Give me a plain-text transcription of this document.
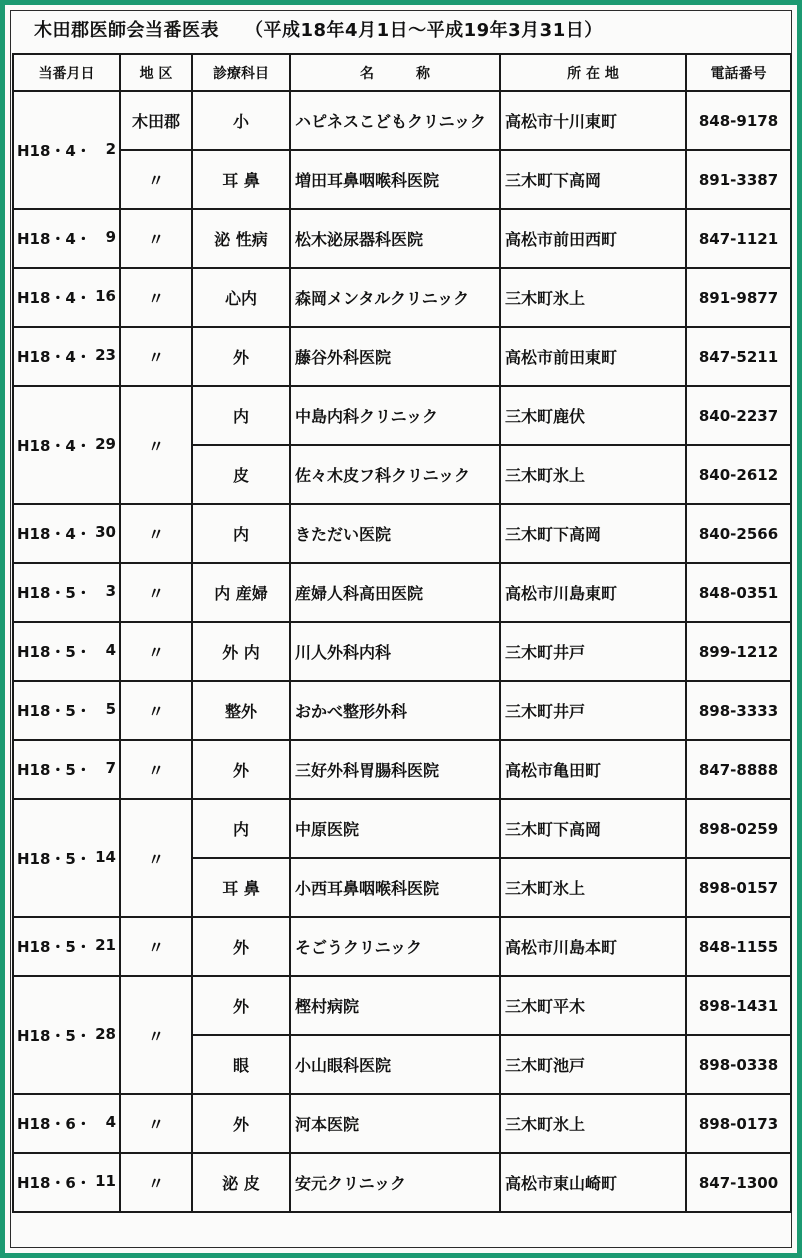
木田郡医師会当番医表 （平成18年4月1日～平成19年3月31日）
当番月日	地 区	診療科目	名　　　称	所 在 地	電話番号

H18・4・ 2	木田郡	小	ハピネスこどもクリニック	高松市十川東町	848-9178
	〃	耳 鼻	増田耳鼻咽喉科医院	三木町下高岡	891-3387

H18・4・ 9	〃	泌 性病	松木泌尿器科医院	高松市前田西町	847-1121

H18・4・ 16	〃	心内	森岡メンタルクリニック	三木町氷上	891-9877

H18・4・ 23	〃	外	藤谷外科医院	高松市前田東町	847-5211

H18・4・ 29	〃	内	中島内科クリニック	三木町鹿伏	840-2237
		皮	佐々木皮フ科クリニック	三木町氷上	840-2612

H18・4・ 30	〃	内	きただい医院	三木町下高岡	840-2566

H18・5・ 3	〃	内 産婦	産婦人科高田医院	高松市川島東町	848-0351

H18・5・ 4	〃	外 内	川人外科内科	三木町井戸	899-1212

H18・5・ 5	〃	整外	おかべ整形外科	三木町井戸	898-3333

H18・5・ 7	〃	外	三好外科胃腸科医院	高松市亀田町	847-8888

H18・5・ 14	〃	内	中原医院	三木町下高岡	898-0259
		耳 鼻	小西耳鼻咽喉科医院	三木町氷上	898-0157

H18・5・ 21	〃	外	そごうクリニック	高松市川島本町	848-1155

H18・5・ 28	〃	外	樫村病院	三木町平木	898-1431
		眼	小山眼科医院	三木町池戸	898-0338

H18・6・ 4	〃	外	河本医院	三木町氷上	898-0173

H18・6・ 11	〃	泌 皮	安元クリニック	高松市東山崎町	847-1300
